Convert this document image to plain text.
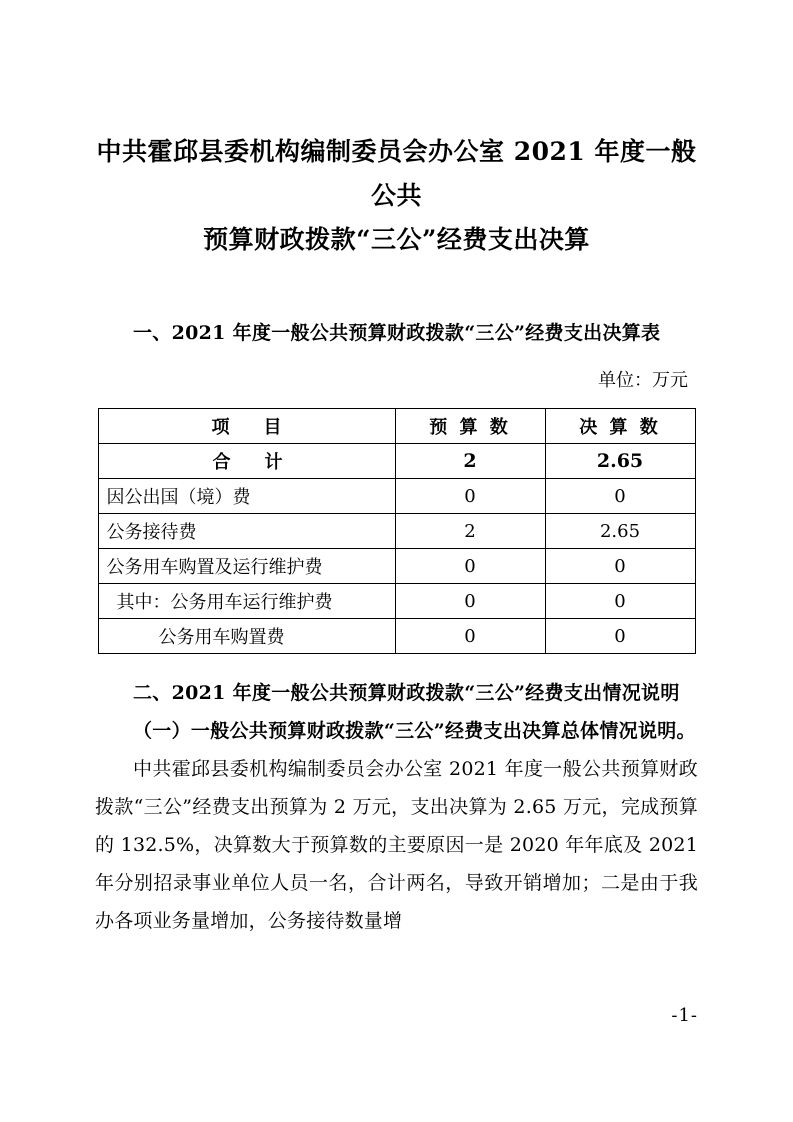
中共霍邱县委机构编制委员会办公室 2021 年度一般公共
预算财政拨款“三公”经费支出决算

一、2021 年度一般公共预算财政拨款“三公”经费支出决算表

单位：万元

项　目	预 算 数	决 算 数
合　计	2	2.65
因公出国（境）费	0	0
公务接待费	2	2.65
公务用车购置及运行维护费	0	0
其中：公务用车运行维护费	0	0
公务用车购置费	0	0

二、2021 年度一般公共预算财政拨款“三公”经费支出情况说明

（一）一般公共预算财政拨款“三公”经费支出决算总体情况说明。

中共霍邱县委机构编制委员会办公室 2021 年度一般公共预算财政拨款“三公”经费支出预算为 2 万元，支出决算为 2.65 万元，完成预算的 132.5%，决算数大于预算数的主要原因一是 2020 年年底及 2021 年分别招录事业单位人员一名，合计两名，导致开销增加；二是由于我办各项业务量增加，公务接待数量增

-1-
